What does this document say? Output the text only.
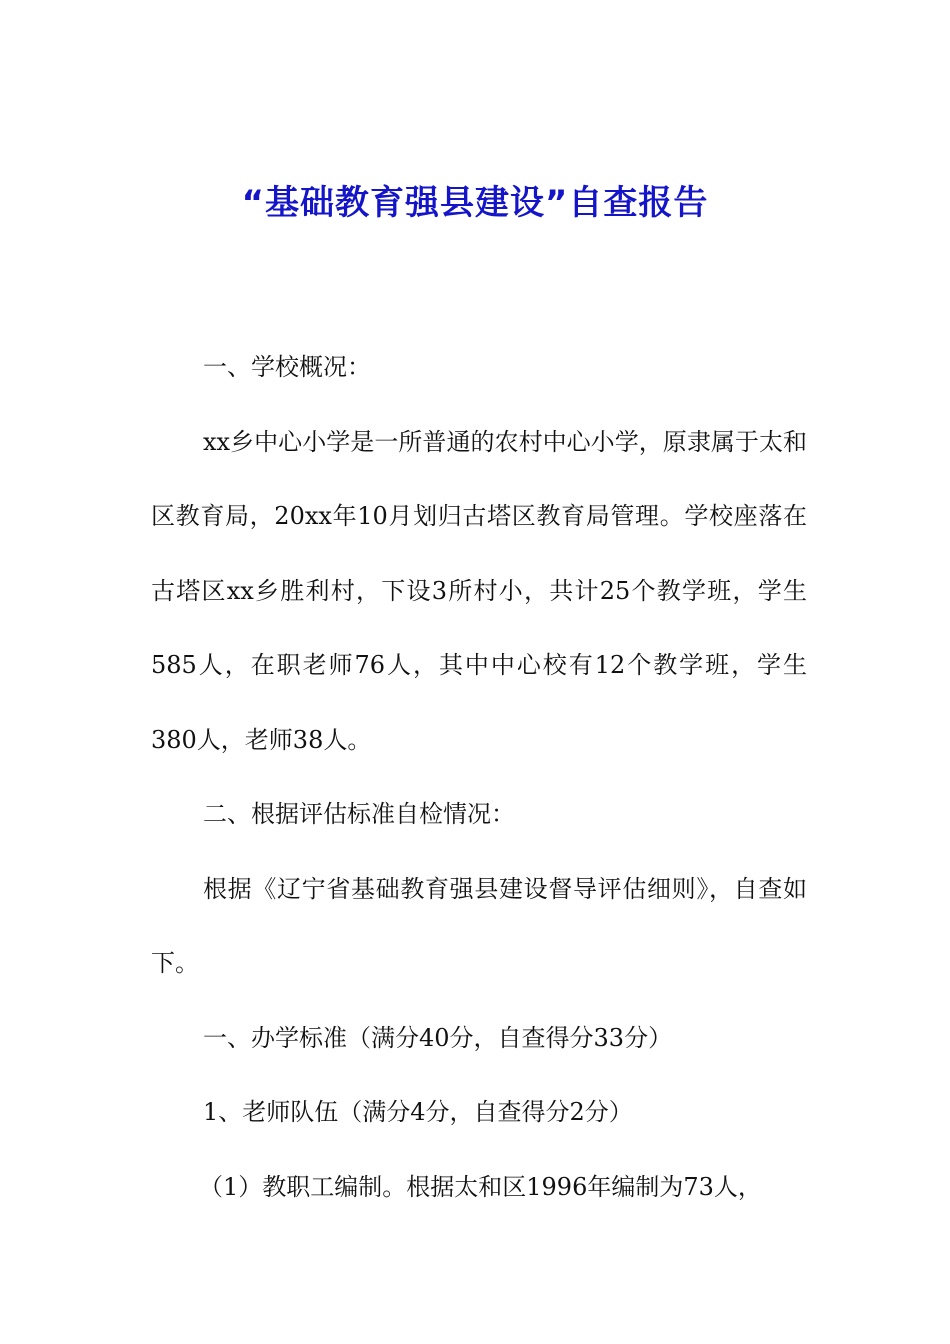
“基础教育强县建设”自查报告

一、学校概况：

xx乡中心小学是一所普通的农村中心小学，原隶属于太和区教育局，20xx年10月划归古塔区教育局管理。学校座落在古塔区xx乡胜利村，下设3所村小，共计25个教学班，学生585人，在职老师76人，其中中心校有12个教学班，学生380人，老师38人。

二、根据评估标准自检情况：

根据《辽宁省基础教育强县建设督导评估细则》，自查如下。

一、办学标准（满分40分，自查得分33分）

1、老师队伍（满分4分，自查得分2分）

（1）教职工编制。根据太和区1996年编制为73人，
